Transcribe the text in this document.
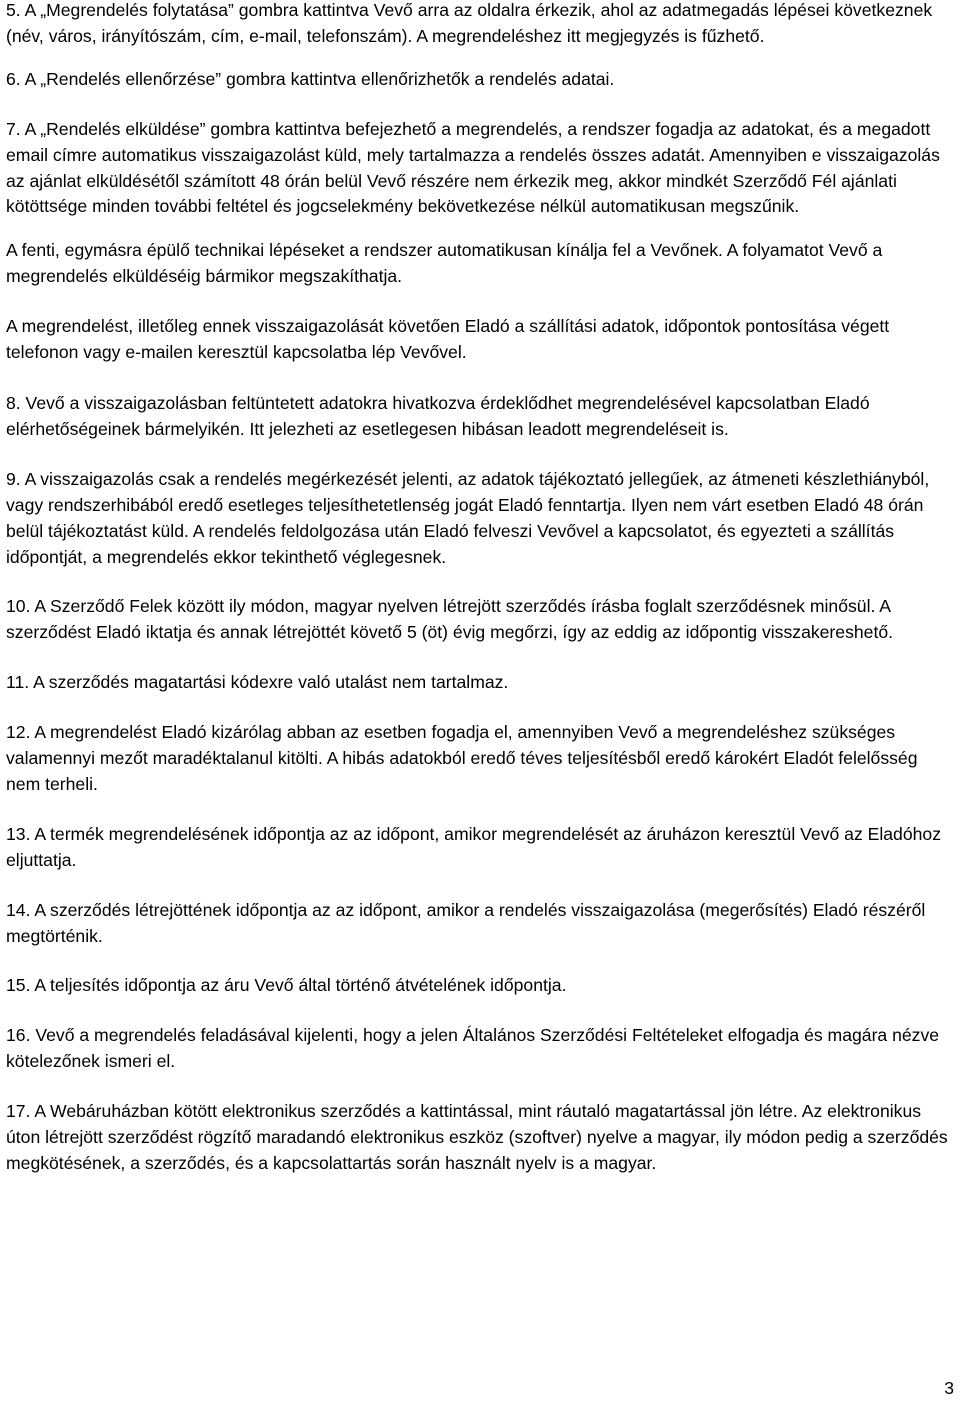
5. A „Megrendelés folytatása” gombra kattintva Vevő arra az oldalra érkezik, ahol az adatmegadás lépései következnek (név, város, irányítószám, cím, e-mail, telefonszám). A megrendeléshez itt megjegyzés is fűzhető.

6. A „Rendelés ellenőrzése” gombra kattintva ellenőrizhetők a rendelés adatai.

7. A „Rendelés elküldése” gombra kattintva befejezhető a megrendelés, a rendszer fogadja az adatokat, és a megadott email címre automatikus visszaigazolást küld, mely tartalmazza a rendelés összes adatát. Amennyiben e visszaigazolás az ajánlat elküldésétől számított 48 órán belül Vevő részére nem érkezik meg, akkor mindkét Szerződő Fél ajánlati kötöttsége minden további feltétel és jogcselekmény bekövetkezése nélkül automatikusan megszűnik.

A fenti, egymásra épülő technikai lépéseket a rendszer automatikusan kínálja fel a Vevőnek. A folyamatot Vevő a megrendelés elküldéséig bármikor megszakíthatja.

A megrendelést, illetőleg ennek visszaigazolását követően Eladó a szállítási adatok, időpontok pontosítása végett telefonon vagy e-mailen keresztül kapcsolatba lép Vevővel.

8. Vevő a visszaigazolásban feltüntetett adatokra hivatkozva érdeklődhet megrendelésével kapcsolatban Eladó elérhetőségeinek bármelyikén. Itt jelezheti az esetlegesen hibásan leadott megrendeléseit is.

9. A visszaigazolás csak a rendelés megérkezését jelenti, az adatok tájékoztató jellegűek, az átmeneti készlethiányból, vagy rendszerhibából eredő esetleges teljesíthetetlenség jogát Eladó fenntartja. Ilyen nem várt esetben Eladó 48 órán belül tájékoztatást küld. A rendelés feldolgozása után Eladó felveszi Vevővel a kapcsolatot, és egyezteti a szállítás időpontját, a megrendelés ekkor tekinthető véglegesnek.

10. A Szerződő Felek között ily módon, magyar nyelven létrejött szerződés írásba foglalt szerződésnek minősül. A szerződést Eladó iktatja és annak létrejöttét követő 5 (öt) évig megőrzi, így az eddig az időpontig visszakereshető.

11. A szerződés magatartási kódexre való utalást nem tartalmaz.

12. A megrendelést Eladó kizárólag abban az esetben fogadja el, amennyiben Vevő a megrendeléshez szükséges valamennyi mezőt maradéktalanul kitölti. A hibás adatokból eredő téves teljesítésből eredő károkért Eladót felelősség nem terheli.

13. A termék megrendelésének időpontja az az időpont, amikor megrendelését az áruházon keresztül Vevő az Eladóhoz eljuttatja.

14. A szerződés létrejöttének időpontja az az időpont, amikor a rendelés visszaigazolása (megerősítés) Eladó részéről megtörténik.

15. A teljesítés időpontja az áru Vevő által történő átvételének időpontja.

16. Vevő a megrendelés feladásával kijelenti, hogy a jelen Általános Szerződési Feltételeket elfogadja és magára nézve kötelezőnek ismeri el.

17. A Webáruházban kötött elektronikus szerződés a kattintással, mint ráutaló magatartással jön létre. Az elektronikus úton létrejött szerződést rögzítő maradandó elektronikus eszköz (szoftver) nyelve a magyar, ily módon pedig a szerződés megkötésének, a szerződés, és a kapcsolattartás során használt nyelv is a magyar.

3
